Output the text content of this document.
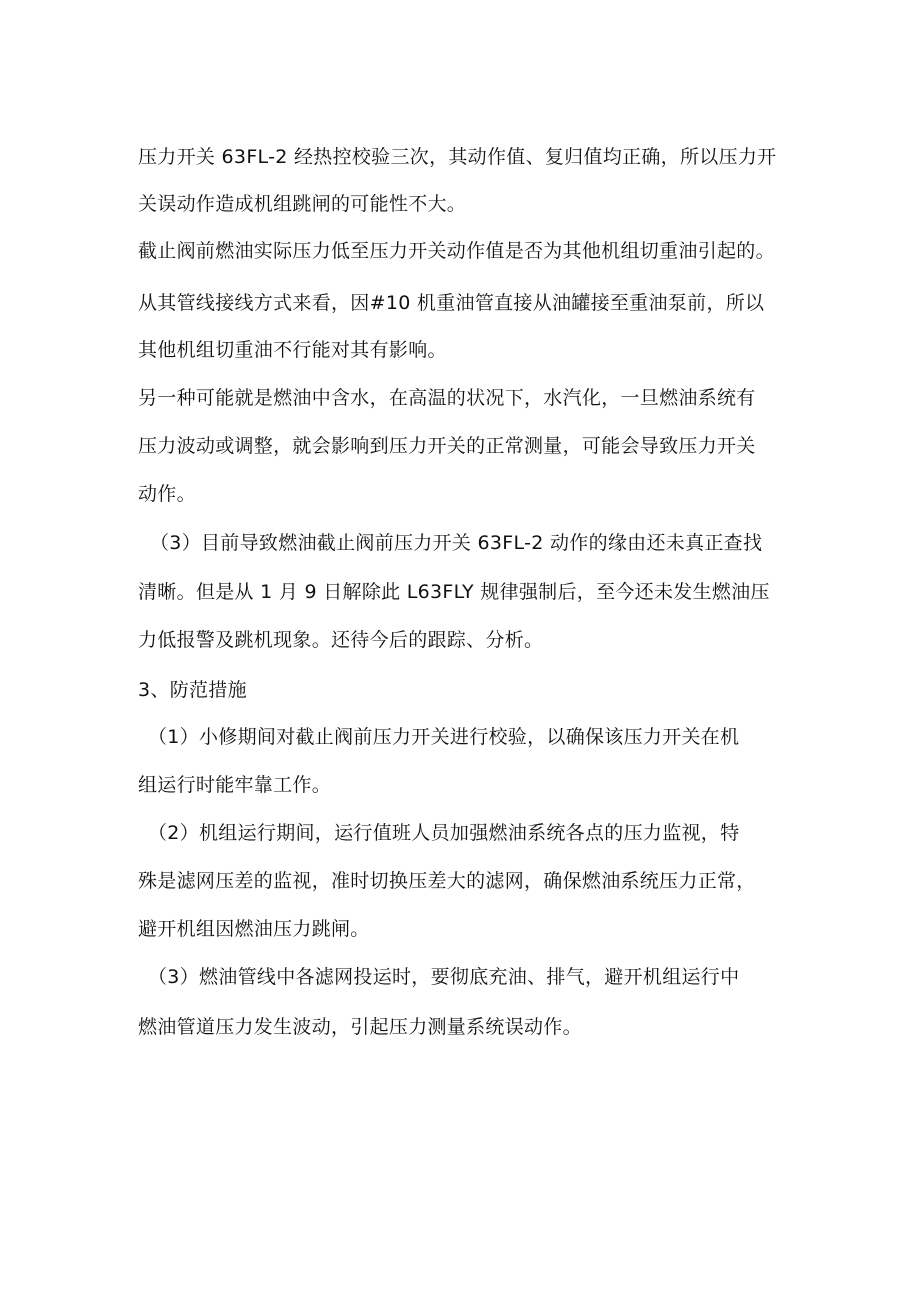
压力开关 63FL-2 经热控校验三次，其动作值、复归值均正确，所以压力开
关误动作造成机组跳闸的可能性不大。
截止阀前燃油实际压力低至压力开关动作值是否为其他机组切重油引起的。
从其管线接线方式来看，因#10 机重油管直接从油罐接至重油泵前，所以
其他机组切重油不行能对其有影响。
另一种可能就是燃油中含水，在高温的状况下，水汽化，一旦燃油系统有
压力波动或调整，就会影响到压力开关的正常测量，可能会导致压力开关
动作。
（3）目前导致燃油截止阀前压力开关 63FL-2 动作的缘由还未真正查找
清晰。但是从 1 月 9 日解除此 L63FLY 规律强制后，至今还未发生燃油压
力低报警及跳机现象。还待今后的跟踪、分析。
3、防范措施
（1）小修期间对截止阀前压力开关进行校验，以确保该压力开关在机
组运行时能牢靠工作。
（2）机组运行期间，运行值班人员加强燃油系统各点的压力监视，特
殊是滤网压差的监视，准时切换压差大的滤网，确保燃油系统压力正常，
避开机组因燃油压力跳闸。
（3）燃油管线中各滤网投运时，要彻底充油、排气，避开机组运行中
燃油管道压力发生波动，引起压力测量系统误动作。
